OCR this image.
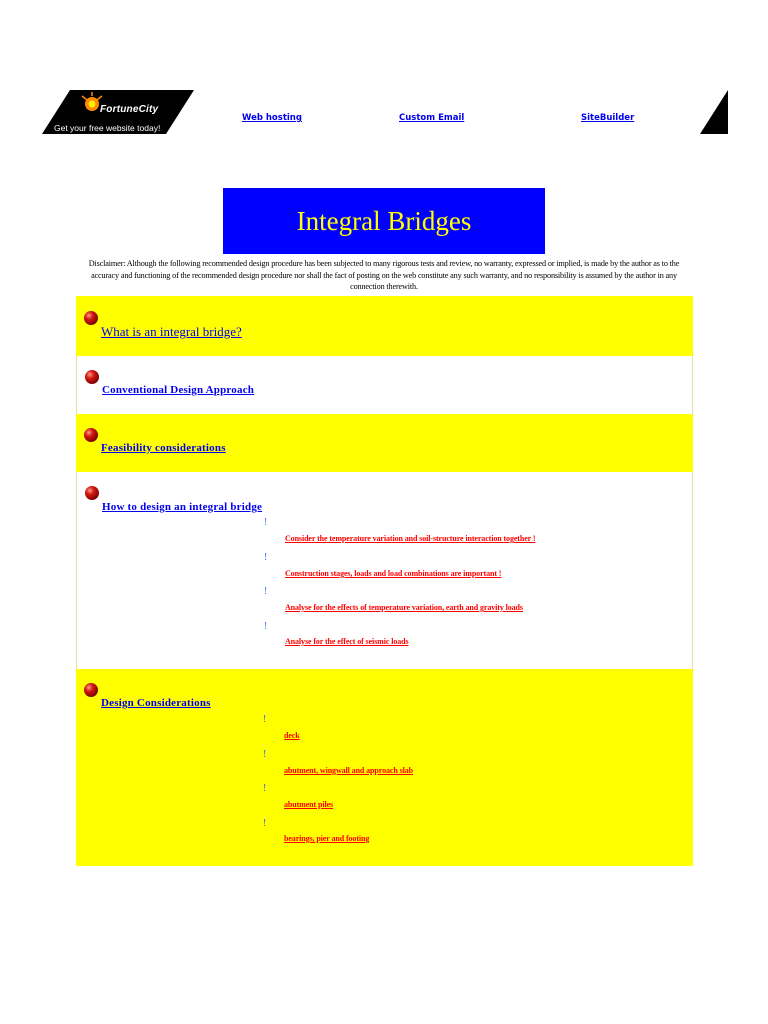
FortuneCity
Get your free website today!
Web hosting	Custom Email	SiteBuilder
Integral Bridges
Disclaimer: Although the following recommended design procedure has been subjected to many rigorous tests and review, no warranty, expressed or implied, is made by the author as to the accuracy and functioning of the recommended design procedure nor shall the fact of posting on the web constitute any such warranty, and no responsibility is assumed by the author in any connection therewith.
What is an integral bridge?
Conventional Design Approach
Feasibility considerations
How to design an integral bridge
!
Consider the temperature variation and soil-structure interaction together !
!
Construction stages, loads and load combinations are important !
!
Analyse for the effects of temperature variation, earth and gravity loads
!
Analyse for the effect of seismic loads
Design Considerations
!
deck
!
abutment, wingwall and approach slab
!
abutment piles
!
bearings, pier and footing
